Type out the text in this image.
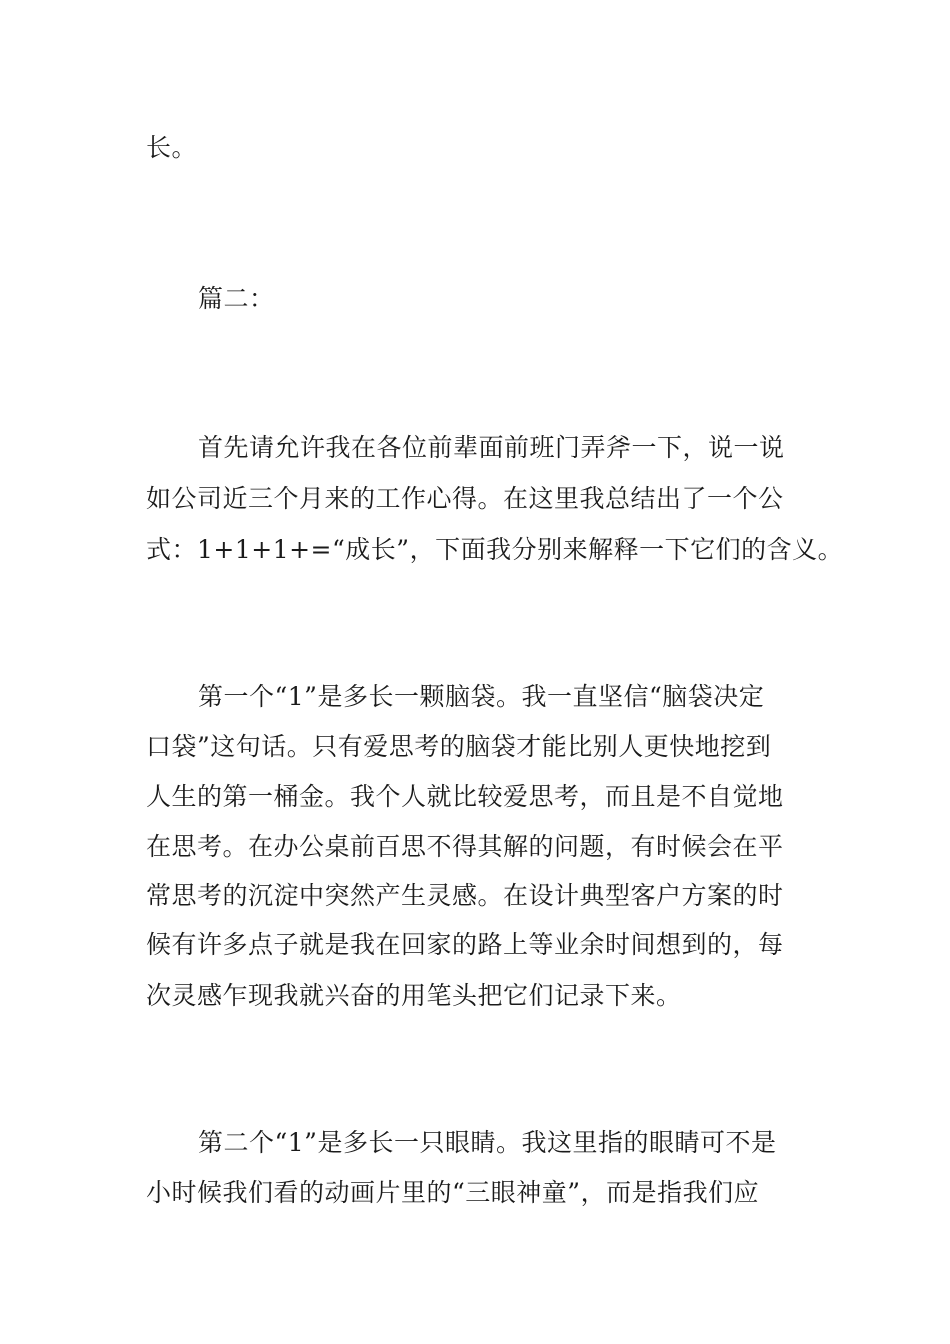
长。

篇二：

首先请允许我在各位前辈面前班门弄斧一下，说一说

如公司近三个月来的工作心得。在这里我总结出了一个公

式：1+1+1+=“成长”，下面我分别来解释一下它们的含义。

第一个“1”是多长一颗脑袋。我一直坚信“脑袋决定

口袋”这句话。只有爱思考的脑袋才能比别人更快地挖到

人生的第一桶金。我个人就比较爱思考，而且是不自觉地

在思考。在办公桌前百思不得其解的问题，有时候会在平

常思考的沉淀中突然产生灵感。在设计典型客户方案的时

候有许多点子就是我在回家的路上等业余时间想到的，每

次灵感乍现我就兴奋的用笔头把它们记录下来。

第二个“1”是多长一只眼睛。我这里指的眼睛可不是

小时候我们看的动画片里的“三眼神童”，而是指我们应
